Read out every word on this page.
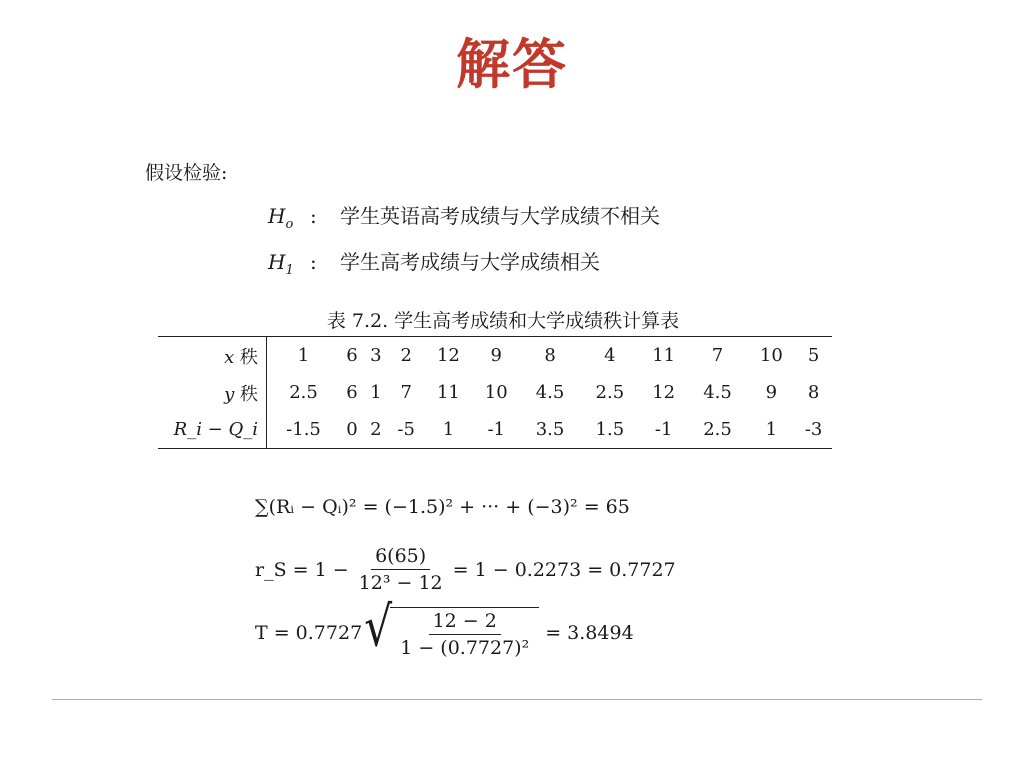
解答
假设检验:
$H_o$ :	学生英语高考成绩与大学成绩不相关
$H_1$ :	学生高考成绩与大学成绩相关
表 7.2. 学生高考成绩和大学成绩秩计算表
x 秩	1	6	3	2	12	9	8	4	11	7	10	5
y 秩	2.5	6	1	7	11	10	4.5	2.5	12	4.5	9	8
R_i − Q_i	-1.5	0	2	-5	1	-1	3.5	1.5	-1	2.5	1	-3
∑(Rᵢ − Qᵢ)² = (−1.5)² + ··· + (−3)² = 65
r_S = $1 - \frac{6(65)}{\text{12³ − 12}} = 1 - 0.2273 = 0.7727$
T = 0.7727 √ $\frac{12 - 2}{\text{1 − (0.7727)²}} = 3.8494$
